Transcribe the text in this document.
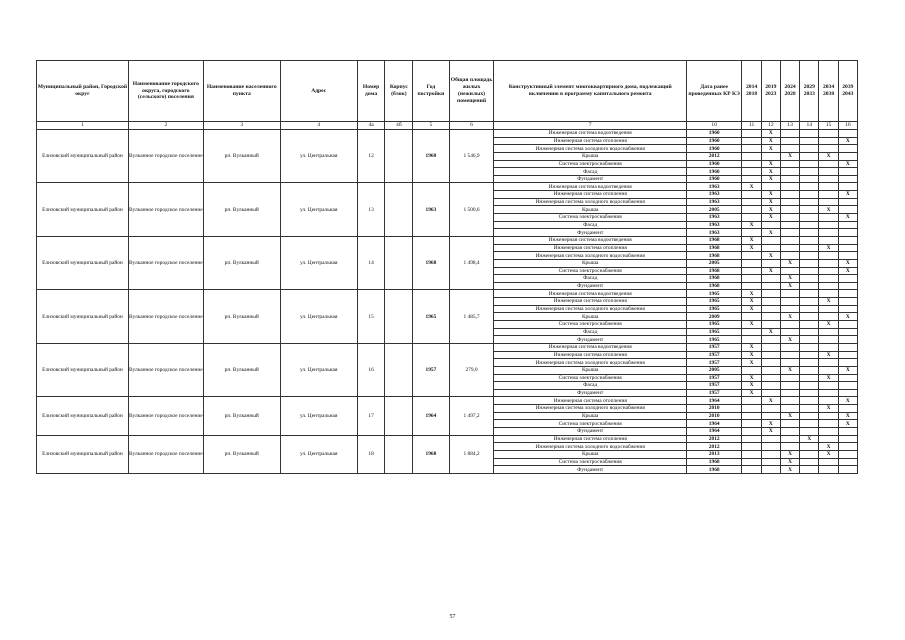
Муниципальный район, Городской округ	Наименование городского округа, городского (сельского) поселения	Наименование населенного пункта	Адрес	Номер дома	Корпус (блок)	Год постройки	Общая площадь жилых (нежилых) помещений	Конструктивный элемент многоквартирного дома, подлежащий включению в программу капитального ремонта	Дата ранее проведенных КР КЭ	2014 2018	2019 2023	2024 2028	2029 2033	2034 2038	2039 2043
1	2	3	4	4а	4б	5	6	7	10	11	12	13	14	15	16
Елизовский муниципальный район	Вулканное городское поселение	рп. Вулканный	ул. Центральная	12		1960	1 546,9	Инженерная система водоотведения	1960		Х				
								Инженерная система отопления	1960		Х				Х
								Инженерная система холодного водоснабжения	1960		Х				
								Крыша	2012			Х		Х	
								Система электроснабжения	1960		Х				Х
								Фасад	1960		Х				
								Фундамент	1960		Х				
Елизовский муниципальный район	Вулканное городское поселение	рп. Вулканный	ул. Центральная	13		1963	1 500,6	Инженерная система водоотведения	1963	Х					
								Инженерная система отопления	1963		Х				Х
								Инженерная система холодного водоснабжения	1963		Х				
								Крыша	2005		Х			Х	
								Система электроснабжения	1963		Х				Х
								Фасад	1963	Х					
								Фундамент	1963		Х				
Елизовский муниципальный район	Вулканное городское поселение	рп. Вулканный	ул. Центральная	14		1968	1 498,4	Инженерная система водоотведения	1968	Х					
								Инженерная система отопления	1968	Х				Х	
								Инженерная система холодного водоснабжения	1968		Х				
								Крыша	2005			Х			Х
								Система электроснабжения	1968		Х				Х
								Фасад	1968			Х			
								Фундамент	1968			Х			
Елизовский муниципальный район	Вулканное городское поселение	рп. Вулканный	ул. Центральная	15		1965	1 485,7	Инженерная система водоотведения	1965	Х					
								Инженерная система отопления	1965	Х				Х	
								Инженерная система холодного водоснабжения	1965	Х					
								Крыша	2009			Х			Х
								Система электроснабжения	1965	Х				Х	
								Фасад	1965		Х				
								Фундамент	1965			Х			
Елизовский муниципальный район	Вулканное городское поселение	рп. Вулканный	ул. Центральная	16		1957	279,0	Инженерная система водоотведения	1957	Х					
								Инженерная система отопления	1957	Х				Х	
								Инженерная система холодного водоснабжения	1957	Х					
								Крыша	2005			Х			Х
								Система электроснабжения	1957	Х				Х	
								Фасад	1957	Х					
								Фундамент	1957	Х					
Елизовский муниципальный район	Вулканное городское поселение	рп. Вулканный	ул. Центральная	17		1964	1 497,2	Инженерная система отопления	1964		Х				Х
								Инженерная система холодного водоснабжения	2010					Х	
								Крыша	2010			Х			Х
								Система электроснабжения	1964		Х				Х
								Фундамент	1964		Х				
Елизовский муниципальный район	Вулканное городское поселение	рп. Вулканный	ул. Центральная	18		1968	1 884,2	Инженерная система отопления	2012				Х		
								Инженерная система холодного водоснабжения	2012					Х	
								Крыша	2013			Х		Х	
								Система электроснабжения	1968			Х			
								Фундамент	1968			Х			
57
